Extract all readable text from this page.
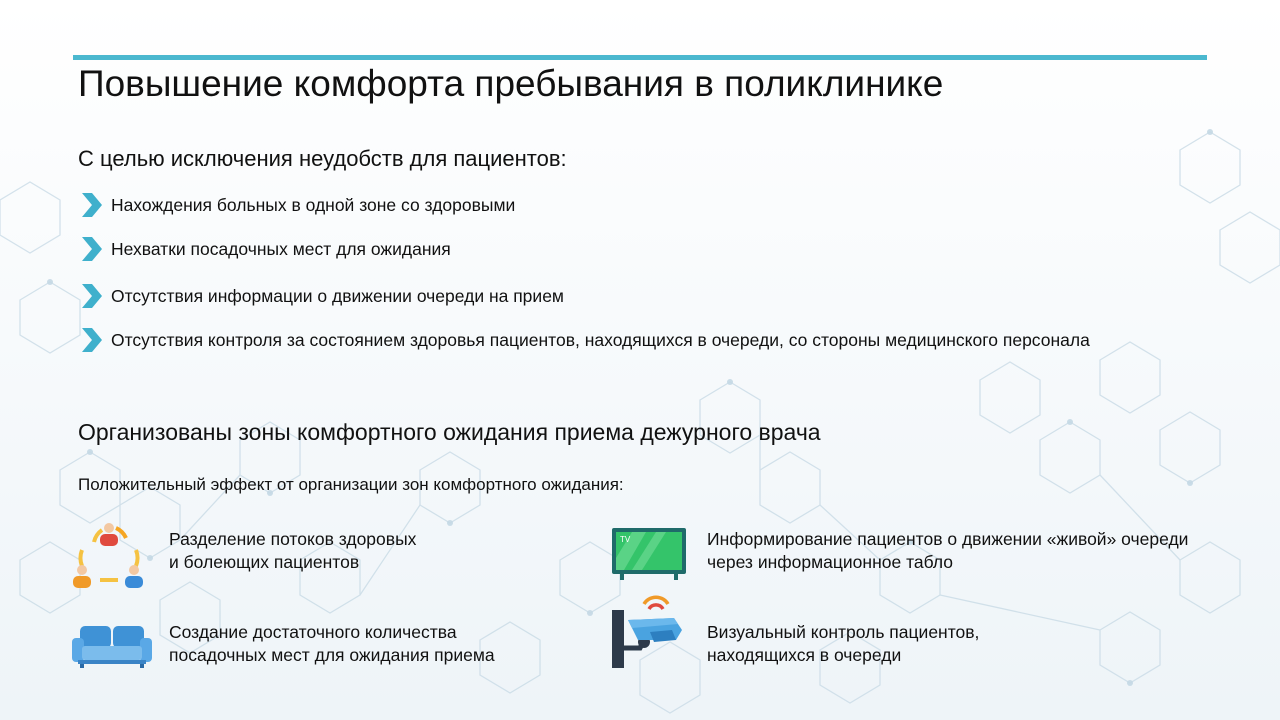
Повышение комфорта пребывания в поликлинике
С целью исключения неудобств для пациентов:
Нахождения больных в одной зоне со здоровыми
Нехватки посадочных мест для ожидания
Отсутствия информации о движении очереди на прием
Отсутствия контроля за состоянием здоровья пациентов, находящихся в очереди, со стороны медицинского персонала
Организованы зоны комфортного ожидания приема дежурного врача
Положительный эффект от организации зон комфортного ожидания:
Разделение потоков здоровых
и болеющих пациентов
TV	Информирование пациентов о движении «живой» очереди
через информационное табло
Создание достаточного количества
посадочных мест для ожидания приема
Визуальный контроль пациентов,
находящихся в очереди
